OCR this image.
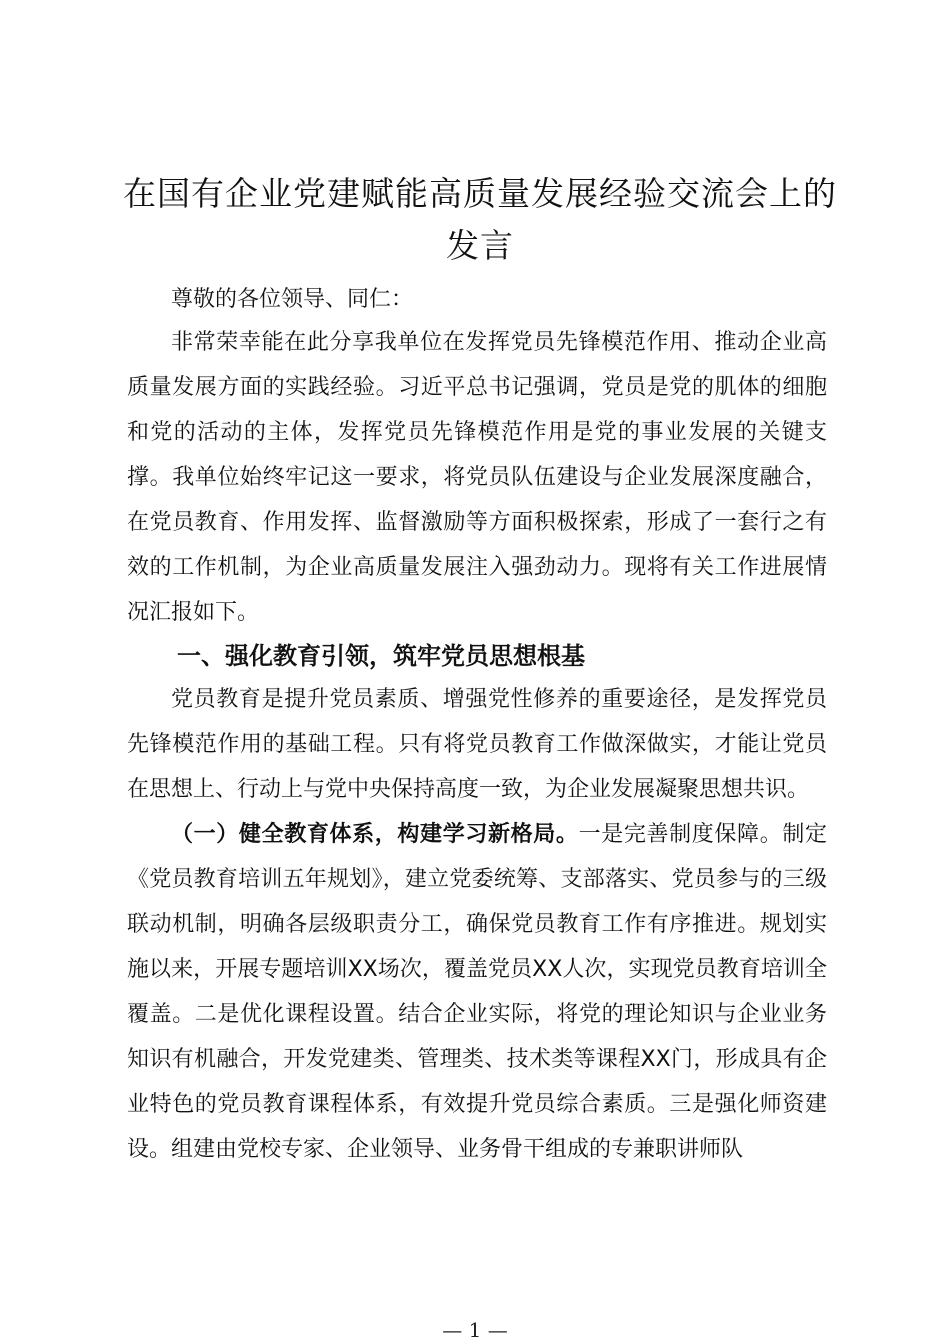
在国有企业党建赋能高质量发展经验交流会上的发言

尊敬的各位领导、同仁：

非常荣幸能在此分享我单位在发挥党员先锋模范作用、推动企业高质量发展方面的实践经验。习近平总书记强调，党员是党的肌体的细胞和党的活动的主体，发挥党员先锋模范作用是党的事业发展的关键支撑。我单位始终牢记这一要求，将党员队伍建设与企业发展深度融合，在党员教育、作用发挥、监督激励等方面积极探索，形成了一套行之有效的工作机制，为企业高质量发展注入强劲动力。现将有关工作进展情况汇报如下。

一、强化教育引领，筑牢党员思想根基

党员教育是提升党员素质、增强党性修养的重要途径，是发挥党员先锋模范作用的基础工程。只有将党员教育工作做深做实，才能让党员在思想上、行动上与党中央保持高度一致，为企业发展凝聚思想共识。

（一）健全教育体系，构建学习新格局。一是完善制度保障。制定《党员教育培训五年规划》，建立党委统筹、支部落实、党员参与的三级联动机制，明确各层级职责分工，确保党员教育工作有序推进。规划实施以来，开展专题培训XX场次，覆盖党员XX人次，实现党员教育培训全覆盖。二是优化课程设置。结合企业实际，将党的理论知识与企业业务知识有机融合，开发党建类、管理类、技术类等课程XX门，形成具有企业特色的党员教育课程体系，有效提升党员综合素质。三是强化师资建设。组建由党校专家、企业领导、业务骨干组成的专兼职讲师队

— 1 —
